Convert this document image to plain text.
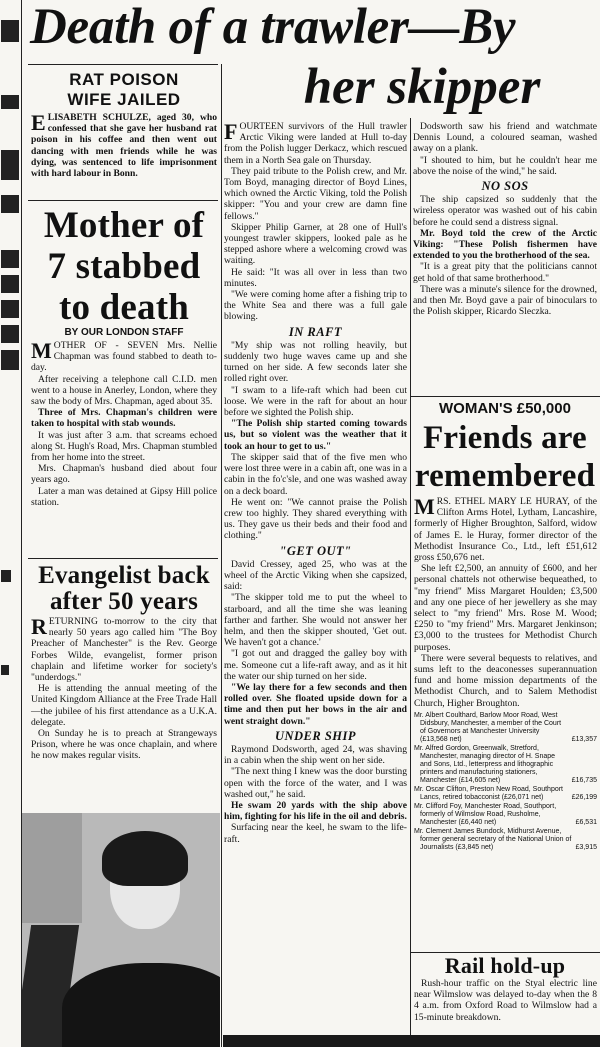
Death of a trawler—By
her skipper
RAT POISON
WIFE JAILED

ELISABETH SCHULZE, aged 30, who confessed that she gave her husband rat poison in his coffee and then went out dancing with men friends while he was dying, was sentenced to life imprisonment with hard labour in Bonn.

Mother of 7 stabbed to death
BY OUR LONDON STAFF

MOTHER OF - SEVEN Mrs. Nellie Chapman was found stabbed to death to-day.

After receiving a telephone call C.I.D. men went to a house in Anerley, London, where they saw the body of Mrs. Chapman, aged about 35.

Three of Mrs. Chapman's children were taken to hospital with stab wounds.

It was just after 3 a.m. that screams echoed along St. Hugh's Road, Mrs. Chapman stumbled from her home into the street.

Mrs. Chapman's husband died about four years ago.

Later a man was detained at Gipsy Hill police station.

Evangelist back after 50 years

RETURNING to-morrow to the city that nearly 50 years ago called him "The Boy Preacher of Manchester" is the Rev. George Forbes Wilde, evangelist, former prison chaplain and lifetime worker for society's "underdogs."

He is attending the annual meeting of the United Kingdom Alliance at the Free Trade Hall —the jubilee of his first attendance as a U.K.A. delegate.

On Sunday he is to preach at Strangeways Prison, where he was once chaplain, and where he now makes regular visits.

FOURTEEN survivors of the Hull trawler Arctic Viking were landed at Hull to-day from the Polish lugger Derkacz, which rescued them in a North Sea gale on Thursday.

They paid tribute to the Polish crew, and Mr. Tom Boyd, managing director of Boyd Lines, which owned the Arctic Viking, told the Polish skipper: "You and your crew are damn fine fellows."

Skipper Philip Garner, at 28 one of Hull's youngest trawler skippers, looked pale as he stepped ashore where a welcoming crowd was waiting.

He said: "It was all over in less than two minutes.

"We were coming home after a fishing trip to the White Sea and there was a full gale blowing.

IN RAFT

"My ship was not rolling heavily, but suddenly two huge waves came up and she turned on her side. A few seconds later she rolled right over.

"I swam to a life-raft which had been cut loose. We were in the raft for about an hour before we sighted the Polish ship.

"The Polish ship started coming towards us, but so violent was the weather that it took an hour to get to us."

The skipper said that of the five men who were lost three were in a cabin aft, one was in a cabin in the fo'c'sle, and one was washed away on a deck board.

He went on: "We cannot praise the Polish crew too highly. They shared everything with us. They gave us their beds and their food and clothing."

"GET OUT"

David Cressey, aged 25, who was at the wheel of the Arctic Viking when she capsized, said:

"The skipper told me to put the wheel to starboard, and all the time she was leaning farther and farther. She would not answer her helm, and then the skipper shouted, 'Get out. We haven't got a chance.'

"I got out and dragged the galley boy with me. Someone cut a life-raft away, and as it hit the water our ship turned on her side.

"We lay there for a few seconds and then rolled over. She floated upside down for a time and then put her bows in the air and went straight down."

UNDER SHIP

Raymond Dodsworth, aged 24, was shaving in a cabin when the ship went on her side.

"The next thing I knew was the door bursting open with the force of the water, and I was washed out," he said.

He swam 20 yards with the ship above him, fighting for his life in the oil and debris.

Surfacing near the keel, he swam to the life-raft.

Dodsworth saw his friend and watchmate Dennis Lound, a coloured seaman, washed away on a plank.

"I shouted to him, but he couldn't hear me above the noise of the wind," he said.

NO SOS

The ship capsized so suddenly that the wireless operator was washed out of his cabin before he could send a distress signal.

Mr. Boyd told the crew of the Arctic Viking: "These Polish fishermen have extended to you the brotherhood of the sea.

"It is a great pity that the politicians cannot get hold of that same brotherhood."

There was a minute's silence for the drowned, and then Mr. Boyd gave a pair of binoculars to the Polish skipper, Ricardo Sleczka.

WOMAN'S £50,000
Friends are remembered

MRS. ETHEL MARY LE HURAY, of the Clifton Arms Hotel, Lytham, Lancashire, formerly of Higher Broughton, Salford, widow of James E. le Huray, former director of the Methodist Insurance Co., Ltd., left £51,612 gross £50,676 net.

She left £2,500, an annuity of £600, and her personal chattels not otherwise bequeathed, to "my friend" Miss Margaret Houlden; £3,500 and any one piece of her jewellery as she may select to "my friend" Mrs. Rose M. Wood; £250 to "my friend" Mrs. Margaret Jenkinson; £3,000 to the trustees for Methodist Church purposes.

There were several bequests to relatives, and sums left to the deaconesses superannuation fund and home mission departments of the Methodist Church, and to Salem Methodist Church, Higher Broughton.

Mr. Albert Coulthard, Barlow Moor Road, West Didsbury, Manchester, a member of the Court of Governors at Manchester University (£13,568 net)	£13,357
Mr. Alfred Gordon, Greenwalk, Stretford, Manchester, managing director of H. Snape and Sons, Ltd., letterpress and lithographic printers and manufacturing stationers, Manchester (£14,605 net)	£16,735
Mr. Oscar Clifton, Preston New Road, Southport Lancs, retired tobacconist (£26,071 net)	£26,199
Mr. Clifford Foy, Manchester Road, Southport, formerly of Wilmslow Road, Rusholme, Manchester (£6,440 net)	£6,531
Mr. Clement James Bundock, Midhurst Avenue, former general secretary of the National Union of Journalists (£3,845 net)	£3,915
Rail hold-up

Rush-hour traffic on the Styal electric line near Wilmslow was delayed to-day when the 8 4 a.m. from Oxford Road to Wilmslow had a 15-minute breakdown.
